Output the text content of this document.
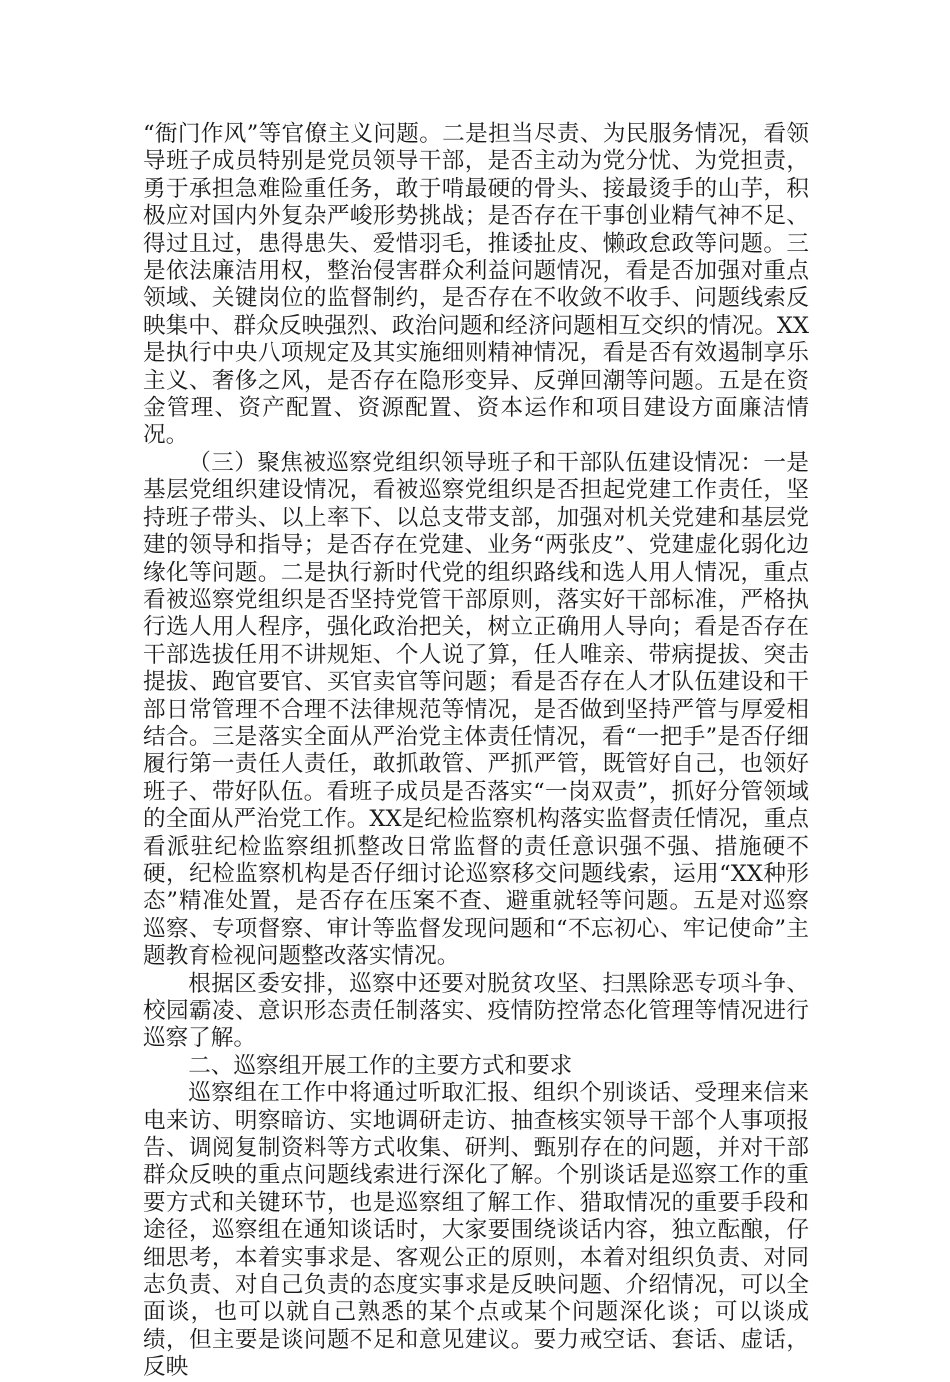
“衙门作风”等官僚主义问题。二是担当尽责、为民服务情况，看领导班子成员特别是党员领导干部，是否主动为党分忧、为党担责，勇于承担急难险重任务，敢于啃最硬的骨头、接最烫手的山芋，积极应对国内外复杂严峻形势挑战；是否存在干事创业精气神不足、得过且过，患得患失、爱惜羽毛，推诿扯皮、懒政怠政等问题。三是依法廉洁用权，整治侵害群众利益问题情况，看是否加强对重点领域、关键岗位的监督制约，是否存在不收敛不收手、问题线索反映集中、群众反映强烈、政治问题和经济问题相互交织的情况。XX是执行中央八项规定及其实施细则精神情况，看是否有效遏制享乐主义、奢侈之风，是否存在隐形变异、反弹回潮等问题。五是在资金管理、资产配置、资源配置、资本运作和项目建设方面廉洁情况。

（三）聚焦被巡察党组织领导班子和干部队伍建设情况：一是基层党组织建设情况，看被巡察党组织是否担起党建工作责任，坚持班子带头、以上率下、以总支带支部，加强对机关党建和基层党建的领导和指导；是否存在党建、业务“两张皮”、党建虚化弱化边缘化等问题。二是执行新时代党的组织路线和选人用人情况，重点看被巡察党组织是否坚持党管干部原则，落实好干部标准，严格执行选人用人程序，强化政治把关，树立正确用人导向；看是否存在干部选拔任用不讲规矩、个人说了算，任人唯亲、带病提拔、突击提拔、跑官要官、买官卖官等问题；看是否存在人才队伍建设和干部日常管理不合理不法律规范等情况，是否做到坚持严管与厚爱相结合。三是落实全面从严治党主体责任情况，看“一把手”是否仔细履行第一责任人责任，敢抓敢管、严抓严管，既管好自己，也领好班子、带好队伍。看班子成员是否落实“一岗双责”，抓好分管领域的全面从严治党工作。XX是纪检监察机构落实监督责任情况，重点看派驻纪检监察组抓整改日常监督的责任意识强不强、措施硬不硬，纪检监察机构是否仔细讨论巡察移交问题线索，运用“XX种形态”精准处置，是否存在压案不查、避重就轻等问题。五是对巡察巡察、专项督察、审计等监督发现问题和“不忘初心、牢记使命”主题教育检视问题整改落实情况。

根据区委安排，巡察中还要对脱贫攻坚、扫黑除恶专项斗争、校园霸凌、意识形态责任制落实、疫情防控常态化管理等情况进行巡察了解。

二、巡察组开展工作的主要方式和要求

巡察组在工作中将通过听取汇报、组织个别谈话、受理来信来电来访、明察暗访、实地调研走访、抽查核实领导干部个人事项报告、调阅复制资料等方式收集、研判、甄别存在的问题，并对干部群众反映的重点问题线索进行深化了解。个别谈话是巡察工作的重要方式和关键环节，也是巡察组了解工作、猎取情况的重要手段和途径，巡察组在通知谈话时，大家要围绕谈话内容，独立酝酿，仔细思考，本着实事求是、客观公正的原则，本着对组织负责、对同志负责、对自己负责的态度实事求是反映问题、介绍情况，可以全面谈，也可以就自己熟悉的某个点或某个问题深化谈；可以谈成绩，但主要是谈问题不足和意见建议。要力戒空话、套话、虚话，反映
